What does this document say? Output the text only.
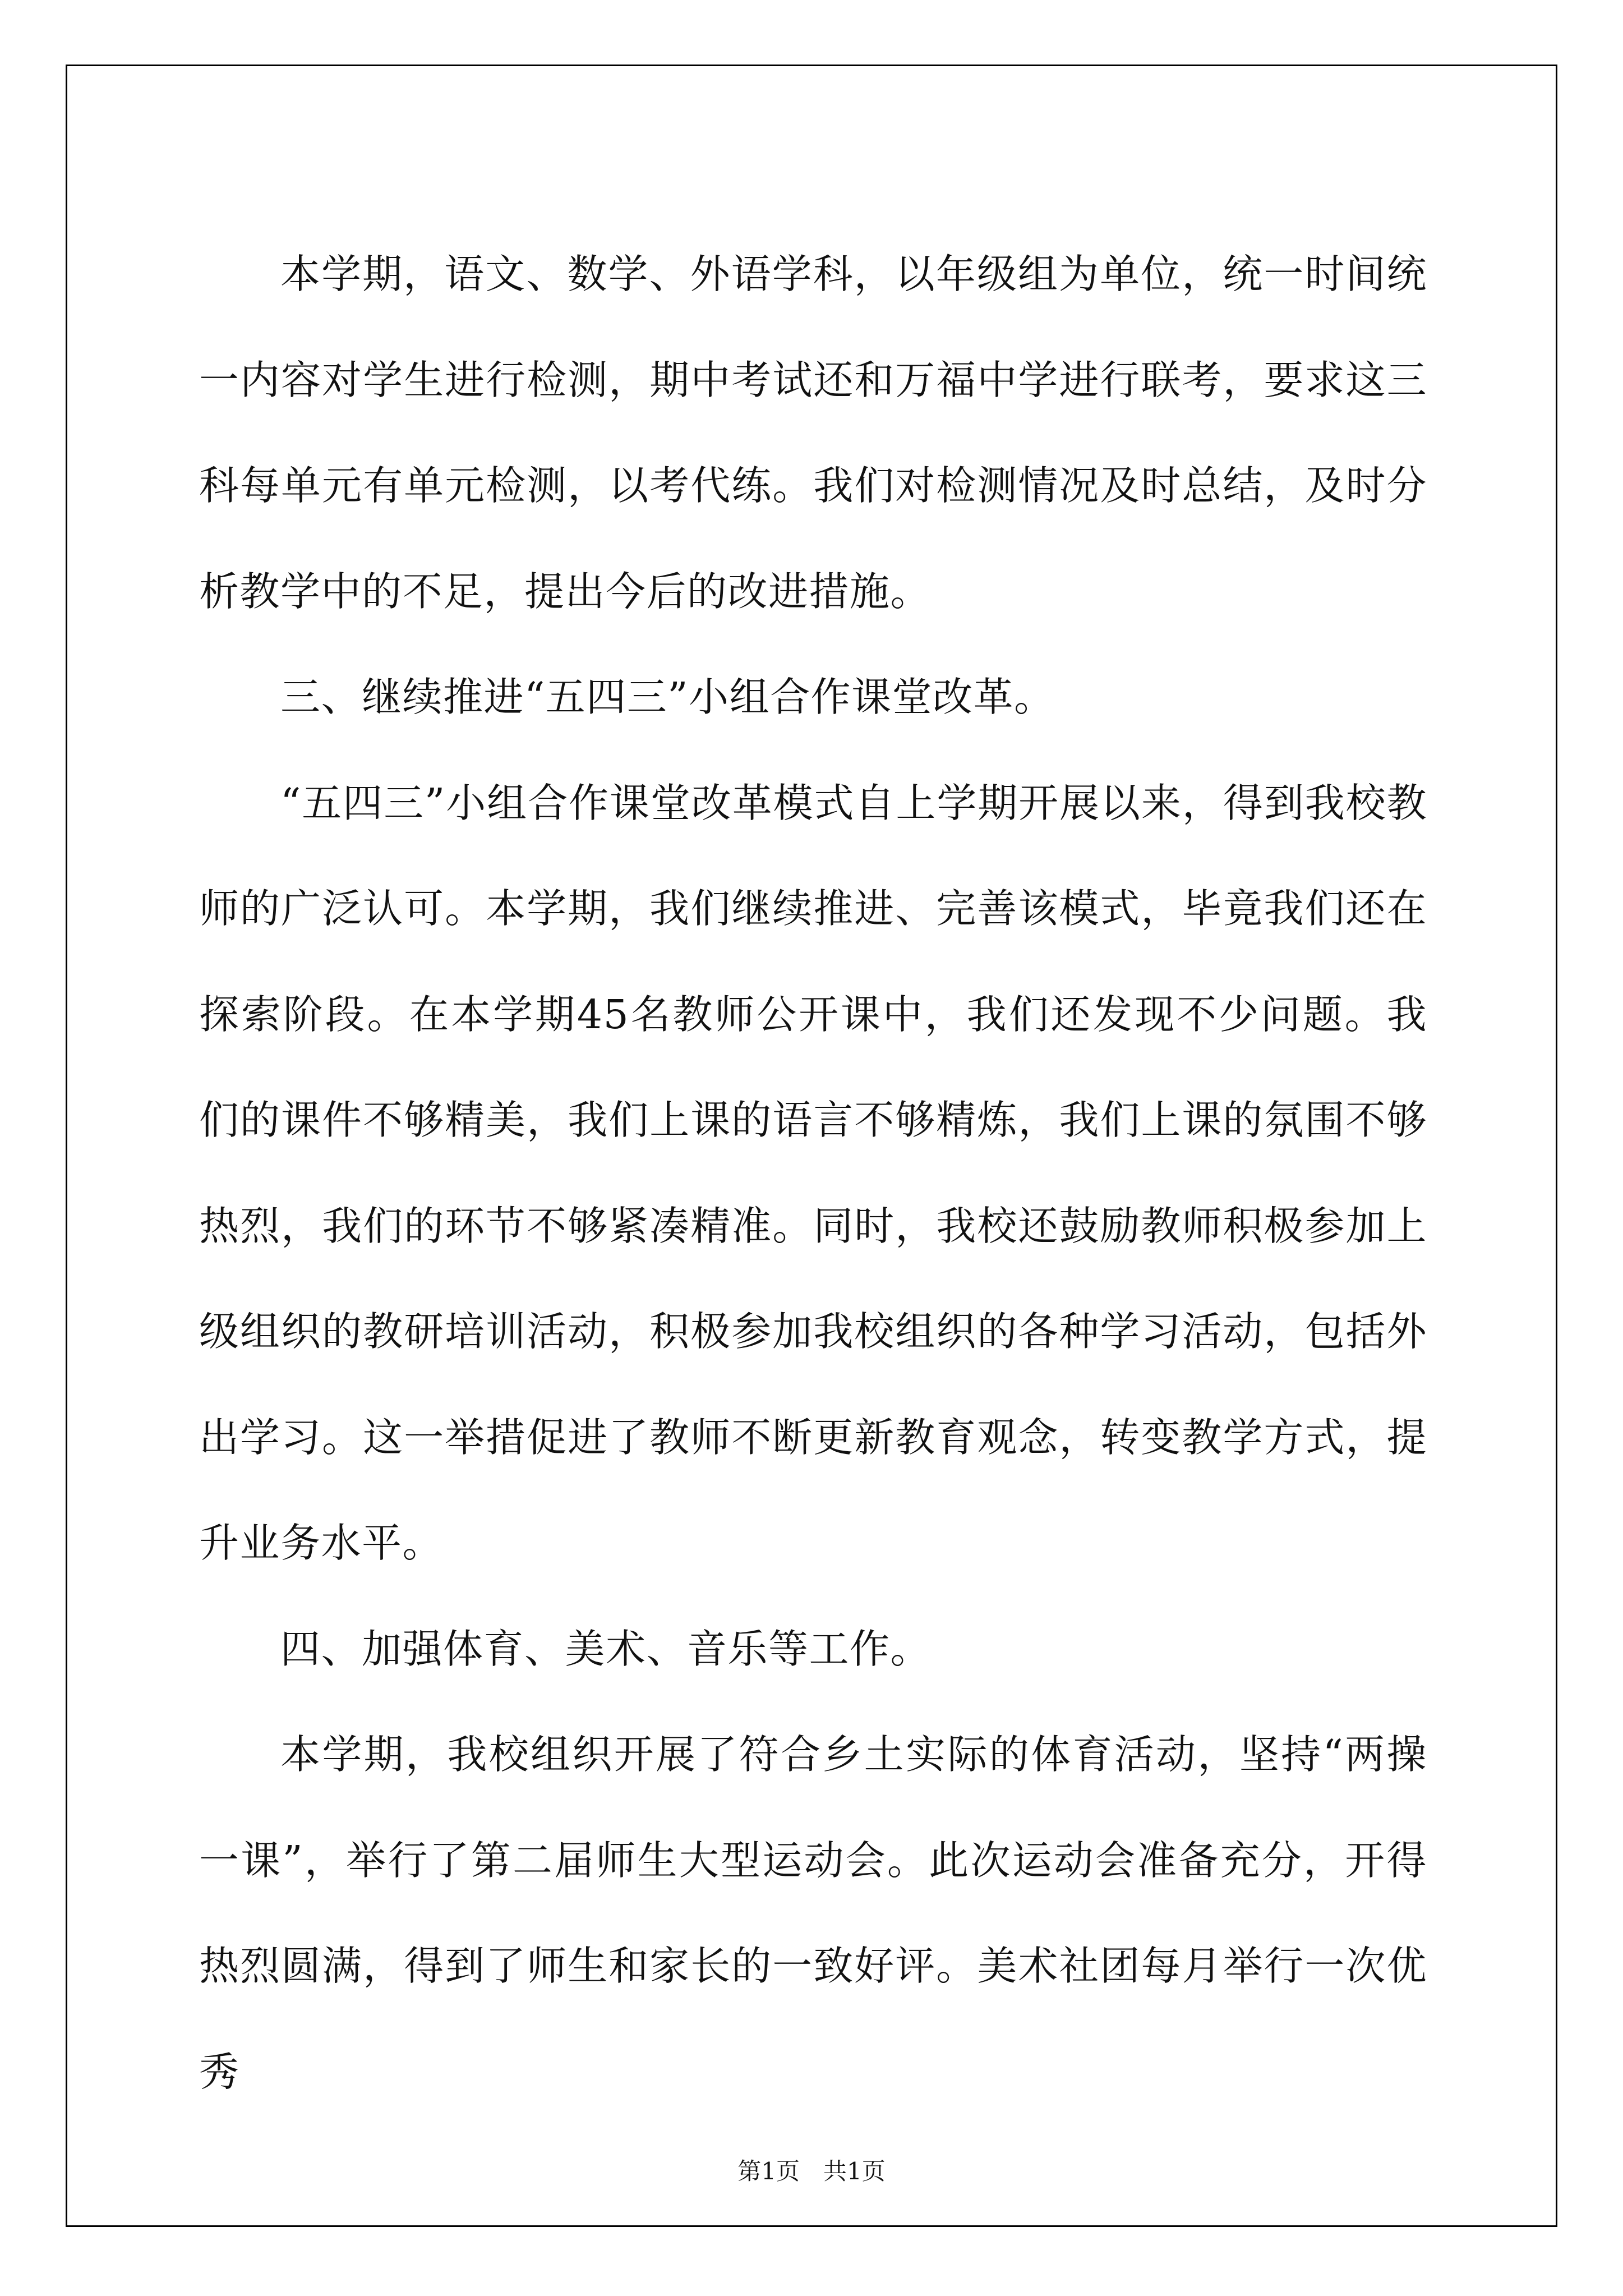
本学期，语文、数学、外语学科，以年级组为单位，统一时间统一内容对学生进行检测，期中考试还和万福中学进行联考，要求这三科每单元有单元检测，以考代练。我们对检测情况及时总结，及时分析教学中的不足，提出今后的改进措施。

三、继续推进“五四三”小组合作课堂改革。

“五四三”小组合作课堂改革模式自上学期开展以来，得到我校教师的广泛认可。本学期，我们继续推进、完善该模式，毕竟我们还在探索阶段。在本学期45名教师公开课中，我们还发现不少问题。我们的课件不够精美，我们上课的语言不够精炼，我们上课的氛围不够热烈，我们的环节不够紧凑精准。同时，我校还鼓励教师积极参加上级组织的教研培训活动，积极参加我校组织的各种学习活动，包括外出学习。这一举措促进了教师不断更新教育观念，转变教学方式，提升业务水平。

四、加强体育、美术、音乐等工作。

本学期，我校组织开展了符合乡土实际的体育活动，坚持“两操一课”，举行了第二届师生大型运动会。此次运动会准备充分，开得热烈圆满，得到了师生和家长的一致好评。美术社团每月举行一次优秀

第1页　共1页
